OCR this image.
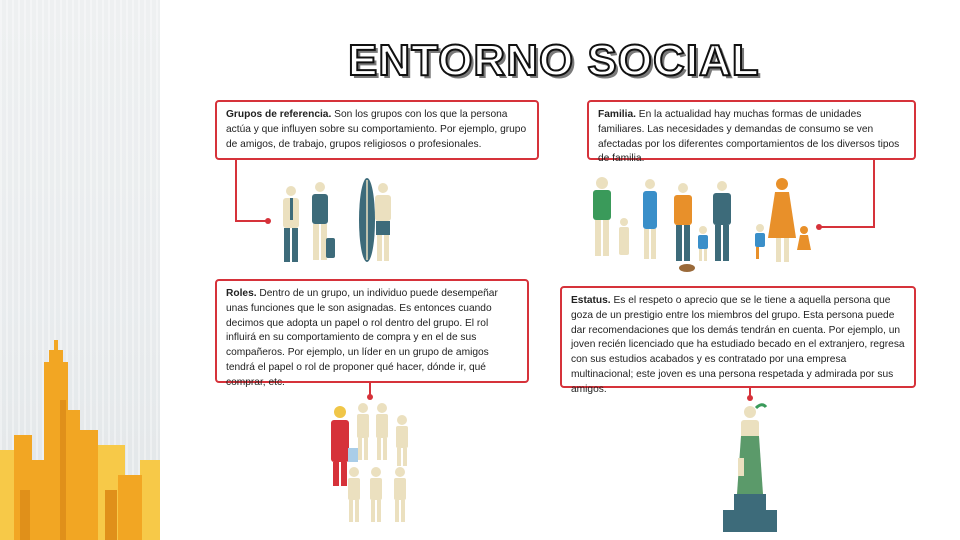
ENTORNO SOCIAL
Grupos de referencia. Son los grupos con los que la persona actúa y que influyen sobre su comportamiento. Por ejemplo, grupo de amigos, de trabajo, grupos religiosos o profesionales.
Familia. En la actualidad hay muchas formas de unidades familiares. Las necesidades y demandas de consumo se ven afectadas por los diferentes comportamientos de los diversos tipos de familia.
Roles. Dentro de un grupo, un individuo puede desempeñar unas funciones que le son asignadas. Es entonces cuando decimos que adopta un papel o rol dentro del grupo. El rol influirá en su comportamiento de compra y en el de sus compañeros. Por ejemplo, un líder en un grupo de amigos tendrá el papel o rol de proponer qué hacer, dónde ir, qué comprar, etc.
Estatus. Es el respeto o aprecio que se le tiene a aquella persona que goza de un prestigio entre los miembros del grupo. Esta persona puede dar recomendaciones que los demás tendrán en cuenta. Por ejemplo, un joven recién licenciado que ha estudiado becado en el extranjero, regresa con sus estudios acabados y es contratado por una empresa multinacional; este joven es una persona respetada y admirada por sus amigos.
